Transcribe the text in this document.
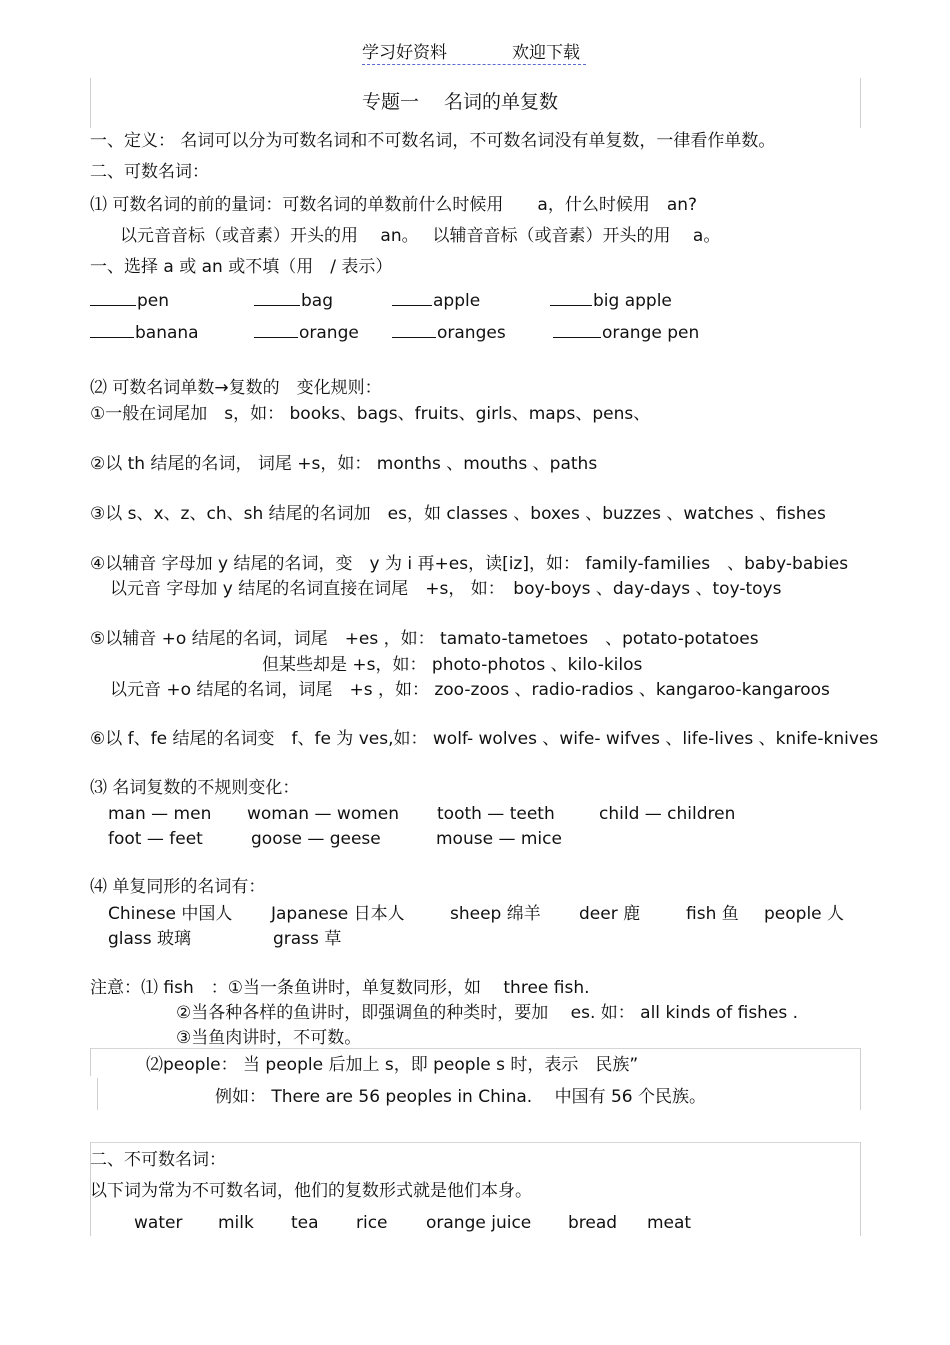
学习好资料	欢迎下载
专题一　 名词的单复数
一、定义： 名词可以分为可数名词和不可数名词，不可数名词没有单复数，一律看作单数。
二、可数名词：
⑴ 可数名词的前的量词：可数名词的单数前什么时候用　　a，什么时候用　an?
以元音音标（或音素）开头的用　 an。　 以辅音音标（或音素）开头的用　 a。
一、选择 a 或 an 或不填（用　/ 表示）
pen	bag	apple	big apple
banana	orange	oranges	orange pen
⑵ 可数名词单数→复数的　变化规则：
①一般在词尾加　s，如： books、bags、fruits、girls、maps、pens、
②以 th 结尾的名词， 词尾 +s，如： months 、mouths 、paths
③以 s、x、z、ch、sh 结尾的名词加　es，如 classes 、boxes 、buzzes 、watches 、fishes
④以辅音 字母加 y 结尾的名词，变　y 为 i 再+es，读[iz]，如： family-families　、baby-babies
以元音 字母加 y 结尾的名词直接在词尾　+s， 如：　boy-boys 、day-days 、toy-toys
⑤以辅音 +o 结尾的名词，词尾　+es ，如： tamato-tametoes　、potato-potatoes
但某些却是 +s，如： photo-photos 、kilo-kilos
以元音 +o 结尾的名词，词尾　+s ，如： zoo-zoos 、radio-radios 、kangaroo-kangaroos
⑥以 f、fe 结尾的名词变　f、fe 为 ves,如： wolf- wolves 、wife- wifves 、life-lives 、knife-knives
⑶ 名词复数的不规则变化：
man — men woman — women tooth — teeth	child — children
foot — feet	goose — geese	mouse — mice
⑷ 单复同形的名词有：
Chinese 中国人 Japanese 日本人	sheep 绵羊 deer 鹿	fish 鱼 people 人
glass 玻璃	grass 草
注意：⑴ fish　：①当一条鱼讲时，单复数同形，如　 three fish.
②当各种各样的鱼讲时，即强调鱼的种类时，要加　 es. 如： all kinds of fishes .
③当鱼肉讲时，不可数。
⑵people： 当 people 后加上 s，即 people s 时，表示　民族”
例如： There are 56 peoples in China.　 中国有 56 个民族。
二、不可数名词：
以下词为常为不可数名词，他们的复数形式就是他们本身。
water milk tea rice orange juice bread meat
